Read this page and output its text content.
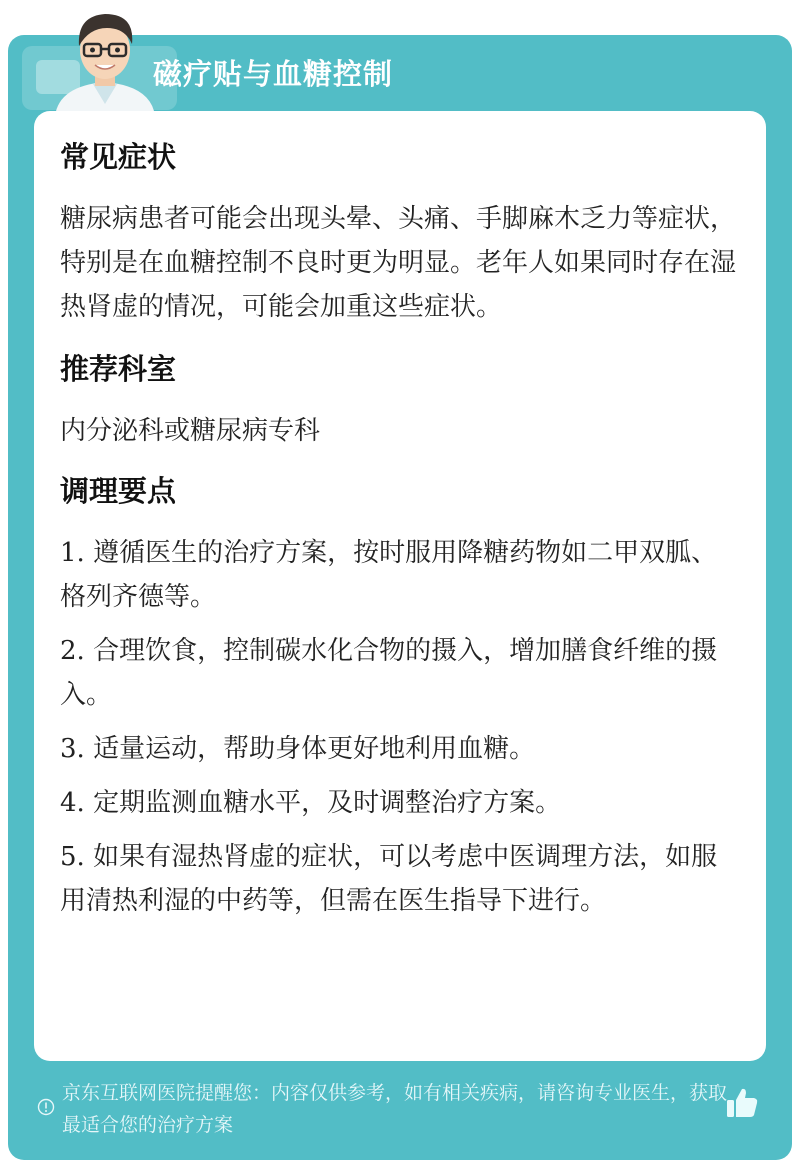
磁疗贴与血糖控制

常见症状

糖尿病患者可能会出现头晕、头痛、手脚麻木乏力等症状，特别是在血糖控制不良时更为明显。老年人如果同时存在湿热肾虚的情况，可能会加重这些症状。

推荐科室

内分泌科或糖尿病专科

调理要点

1. 遵循医生的治疗方案，按时服用降糖药物如二甲双胍、格列齐德等。

2. 合理饮食，控制碳水化合物的摄入，增加膳食纤维的摄入。

3. 适量运动，帮助身体更好地利用血糖。

4. 定期监测血糖水平，及时调整治疗方案。

5. 如果有湿热肾虚的症状，可以考虑中医调理方法，如服用清热利湿的中药等，但需在医生指导下进行。

京东互联网医院提醒您：内容仅供参考，如有相关疾病，请咨询专业医生，获取最适合您的治疗方案
